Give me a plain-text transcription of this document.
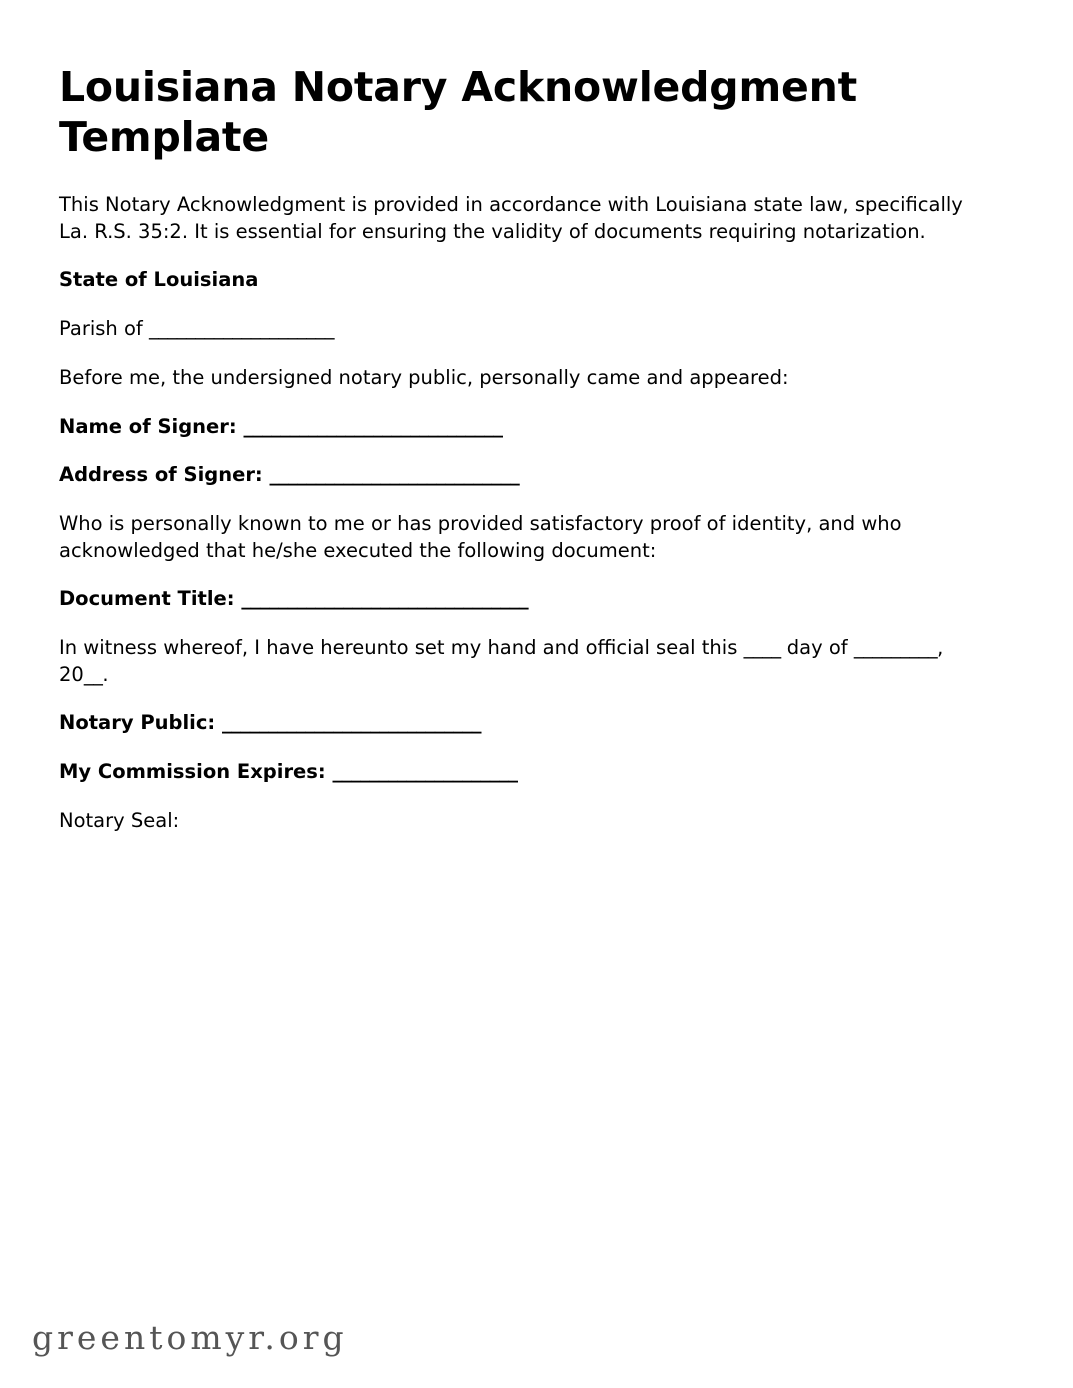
Louisiana Notary Acknowledgment Template

This Notary Acknowledgment is provided in accordance with Louisiana state law, specifically La. R.S. 35:2. It is essential for ensuring the validity of documents requiring notarization.

State of Louisiana

Parish of ____________________

Before me, the undersigned notary public, personally came and appeared:

Name of Signer: ____________________________

Address of Signer: ___________________________

Who is personally known to me or has provided satisfactory proof of identity, and who acknowledged that he/she executed the following document:

Document Title: _______________________________

In witness whereof, I have hereunto set my hand and official seal this ____ day of _________, 20__.

Notary Public: ____________________________

My Commission Expires: ____________________

Notary Seal:

greentomyr.org
